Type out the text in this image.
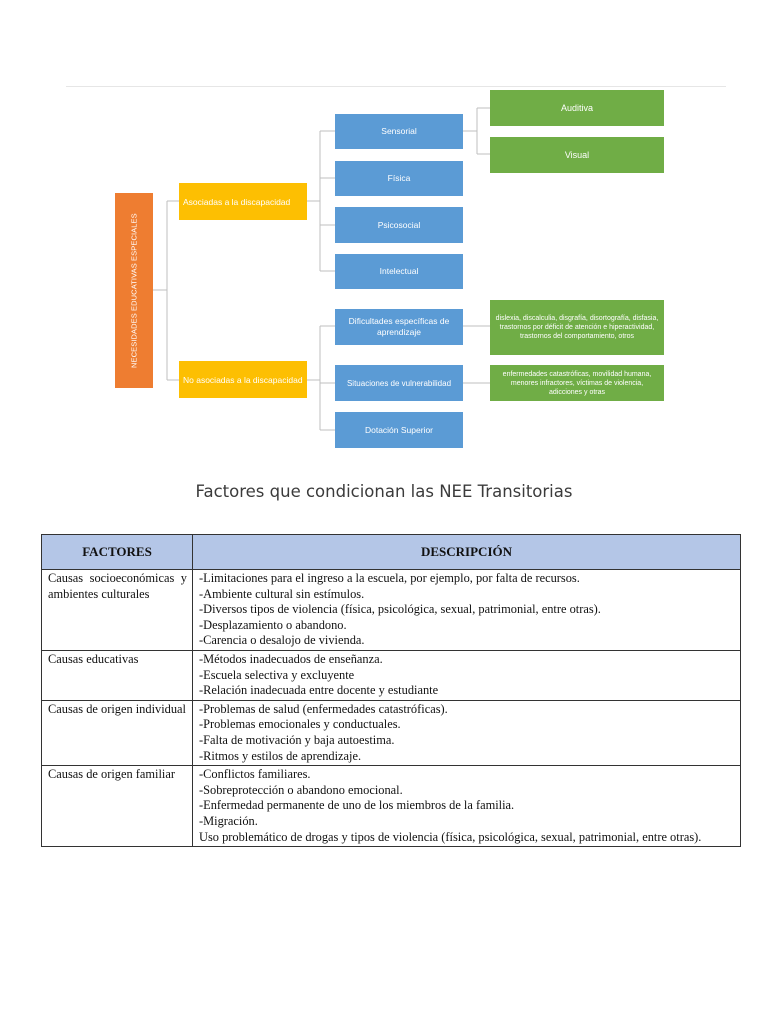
NECESIDADES EDUCATIVAS ESPECIALES
Asociadas a la discapacidad
No asociadas a la discapacidad
Sensorial
Física
Psicosocial
Intelectual
Dificultades específicas de aprendizaje
Situaciones de vulnerabilidad
Dotación Superior
Auditiva
Visual
dislexia, discalculia, disgrafía, disortografía, disfasia, trastornos por déficit de atención e hiperactividad, trastornos del comportamiento, otros
enfermedades catastróficas, movilidad humana, menores infractores, víctimas de violencia, adicciones y otras
Factores que condicionan las NEE Transitorias
FACTORES	DESCRIPCIÓN
Causas socioeconómicas y ambientes culturales	-Limitaciones para el ingreso a la escuela, por ejemplo, por falta de recursos.
-Ambiente cultural sin estímulos.
-Diversos tipos de violencia (física, psicológica, sexual, patrimonial, entre otras).
-Desplazamiento o abandono.
-Carencia o desalojo de vivienda.

Causas educativas	-Métodos inadecuados de enseñanza.
-Escuela selectiva y excluyente
-Relación inadecuada entre docente y estudiante

Causas de origen individual	-Problemas de salud (enfermedades catastróficas).
-Problemas emocionales y conductuales.
-Falta de motivación y baja autoestima.
-Ritmos y estilos de aprendizaje.

Causas de origen familiar	-Conflictos familiares.
-Sobreprotección o abandono emocional.
-Enfermedad permanente de uno de los miembros de la familia.
-Migración.
Uso problemático de drogas y tipos de violencia (física, psicológica, sexual, patrimonial, entre otras).
